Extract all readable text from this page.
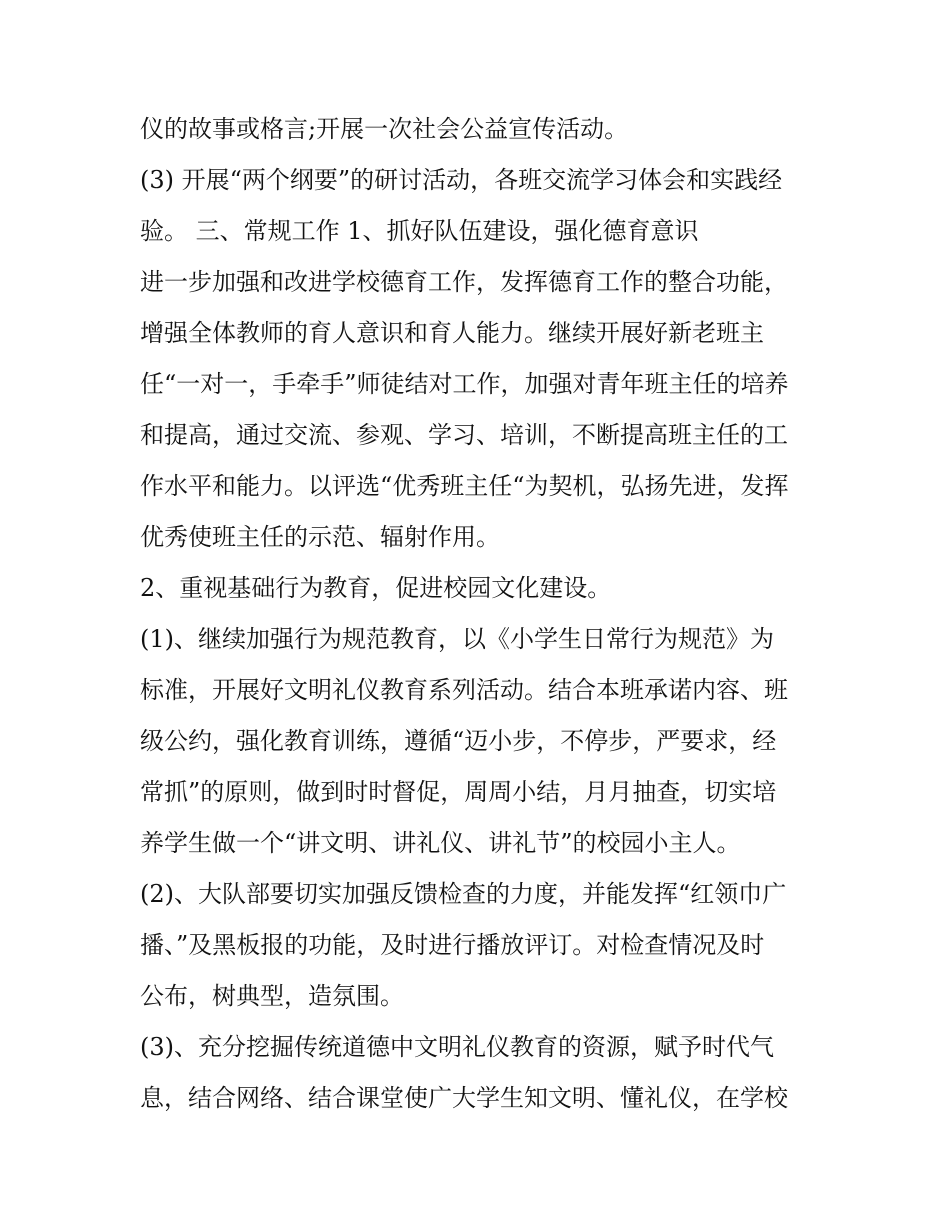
仪的故事或格言;开展一次社会公益宣传活动。
(3) 开展“两个纲要”的研讨活动，各班交流学习体会和实践经
验。 三、常规工作 1、抓好队伍建设，强化德育意识
进一步加强和改进学校德育工作，发挥德育工作的整合功能，
增强全体教师的育人意识和育人能力。继续开展好新老班主
任“一对一，手牵手”师徒结对工作，加强对青年班主任的培养
和提高，通过交流、参观、学习、培训，不断提高班主任的工
作水平和能力。以评选“优秀班主任“为契机，弘扬先进，发挥
优秀使班主任的示范、辐射作用。
2、重视基础行为教育，促进校园文化建设。
(1)、继续加强行为规范教育，以《小学生日常行为规范》为
标准，开展好文明礼仪教育系列活动。结合本班承诺内容、班
级公约，强化教育训练，遵循“迈小步，不停步，严要求，经
常抓”的原则，做到时时督促，周周小结，月月抽查，切实培
养学生做一个“讲文明、讲礼仪、讲礼节”的校园小主人。
(2)、大队部要切实加强反馈检查的力度，并能发挥“红领巾广
播、”及黑板报的功能，及时进行播放评订。对检查情况及时
公布，树典型，造氛围。
(3)、充分挖掘传统道德中文明礼仪教育的资源，赋予时代气
息，结合网络、结合课堂使广大学生知文明、懂礼仪，在学校
